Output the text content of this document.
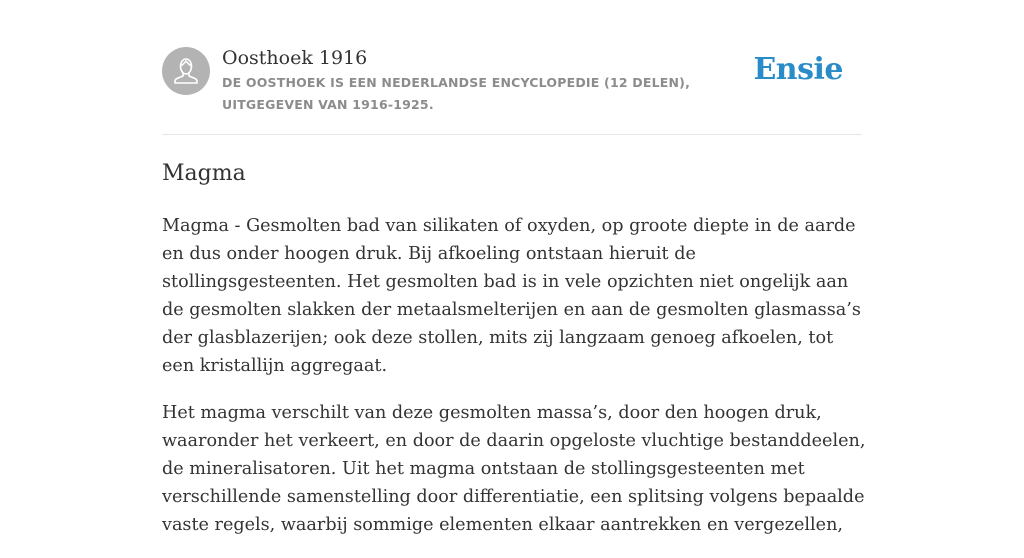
Oosthoek 1916
DE OOSTHOEK IS EEN NEDERLANDSE ENCYCLOPEDIE (12 DELEN), UITGEGEVEN VAN 1916-1925.
Ensie
Magma

Magma - Gesmolten bad van silikaten of oxyden, op groote diepte in de aarde en dus onder hoogen druk. Bij afkoeling ontstaan hieruit de stollingsgesteenten. Het gesmolten bad is in vele opzichten niet ongelijk aan de gesmolten slakken der metaalsmelterijen en aan de gesmolten glasmassa’s der glasblazerijen; ook deze stollen, mits zij langzaam genoeg afkoelen, tot een kristallijn aggregaat.

Het magma verschilt van deze gesmolten massa’s, door den hoogen druk, waaronder het verkeert, en door de daarin opgeloste vluchtige bestanddeelen, de mineralisatoren. Uit het magma ontstaan de stollingsgesteenten met verschillende samenstelling door differentiatie, een splitsing volgens bepaalde vaste regels, waarbij sommige elementen elkaar aantrekken en vergezellen,
